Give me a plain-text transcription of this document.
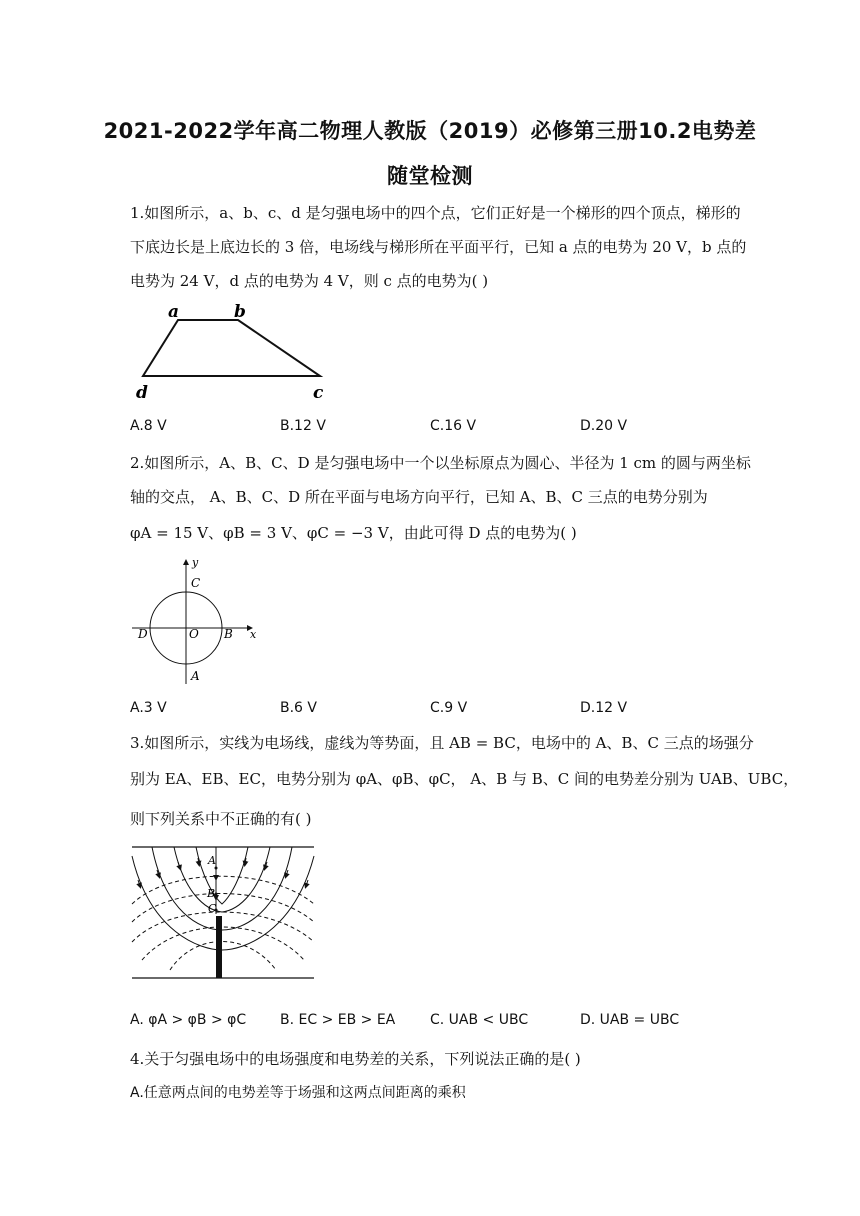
2021-2022学年高二物理人教版（2019）必修第三册10.2电势差
随堂检测
1.如图所示，a、b、c、d 是匀强电场中的四个点，它们正好是一个梯形的四个顶点，梯形的
下底边长是上底边长的 3 倍，电场线与梯形所在平面平行，已知 a 点的电势为 20 V，b 点的
电势为 24 V，d 点的电势为 4 V，则 c 点的电势为( )
a	b
c
d
A.8 V	B.12 V	C.16 V	D.20 V
2.如图所示，A、B、C、D 是匀强电场中一个以坐标原点为圆心、半径为 1 cm 的圆与两坐标
轴的交点， A、B、C、D 所在平面与电场方向平行，已知 A、B、C 三点的电势分别为
φA = 15 V、φB = 3 V、φC = −3 V，由此可得 D 点的电势为( )
y
x
C
D	O B
A
A.3 V	B.6 V	C.9 V	D.12 V
3.如图所示，实线为电场线，虚线为等势面，且 AB = BC，电场中的 A、B、C 三点的场强分
别为 EA、EB、EC，电势分别为 φA、φB、φC， A、B 与 B、C 间的电势差分别为 UAB、UBC，
则下列关系中不正确的有( )
A
B
C
A. φA > φB > φC B. EC > EB > EA C. UAB < UBC	D. UAB = UBC
4.关于匀强电场中的电场强度和电势差的关系，下列说法正确的是( )
A.任意两点间的电势差等于场强和这两点间距离的乘积
